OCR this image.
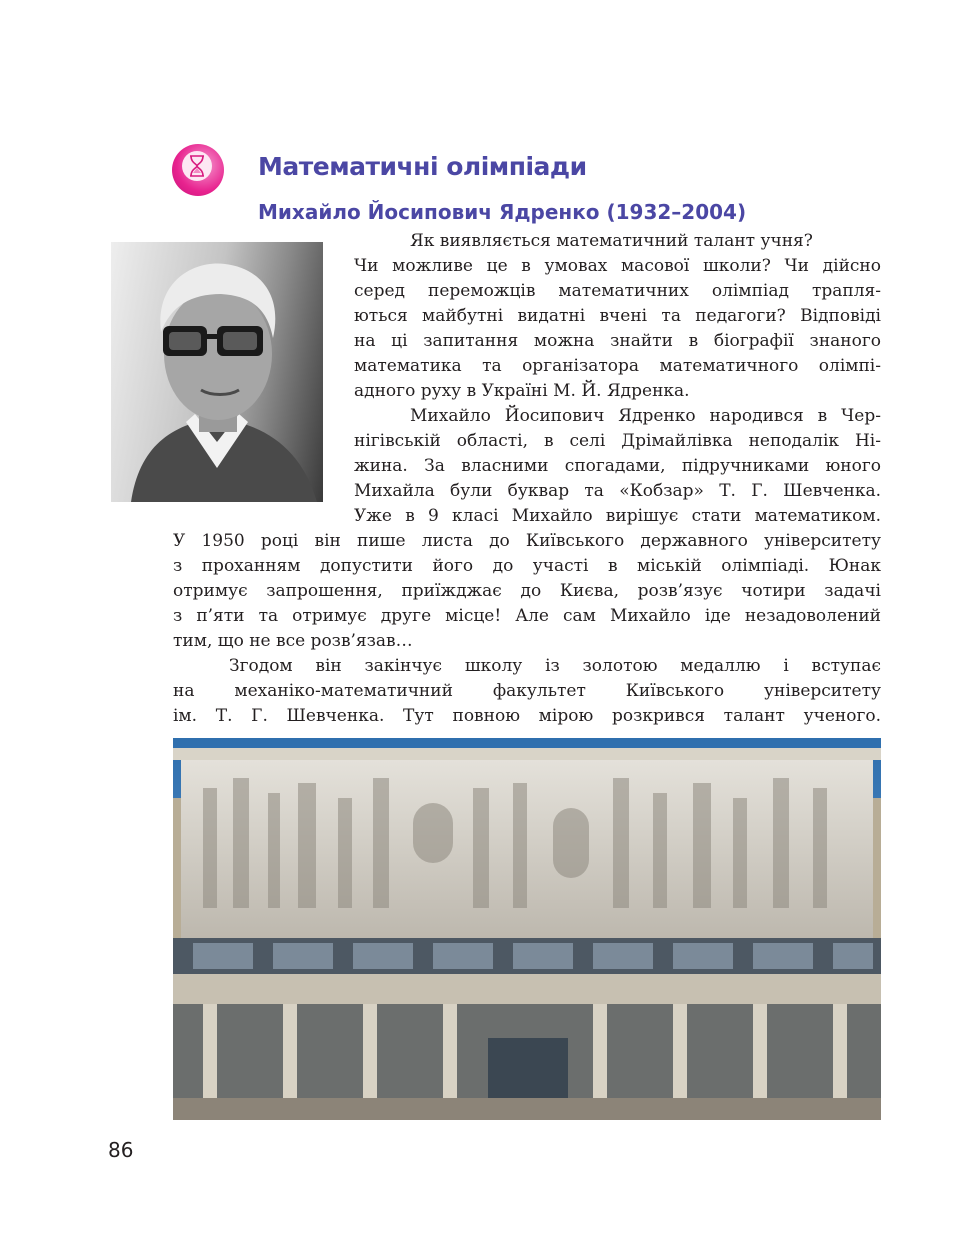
Математичні олімпіади
Михайло Йосипович Ядренко (1932–2004)

Як виявляється математичний талант учня?

Чи можливе це в умовах масової школи? Чи дійсно

серед переможців математичних олімпіад трапля-

ються майбутні видатні вчені та педагоги? Відповіді

на ці запитання можна знайти в біографії знаного

математика та організатора математичного олімпі-

адного руху в Україні М. Й. Ядренка.

Михайло Йосипович Ядренко народився в Чер-

нігівській області, в селі Дрімайлівка неподалік Ні-

жина. За власними спогадами, підручниками юного

Михайла були буквар та «Кобзар» Т. Г. Шевченка.

Уже в 9 класі Михайло вирішує стати математиком.

У 1950 році він пише листа до Київського державного університету

з проханням допустити його до участі в міській олімпіаді. Юнак

отримує запрошення, приїжджає до Києва, розв’язує чотири задачі

з п’яти та отримує друге місце! Але сам Михайло іде незадоволений

тим, що не все розв’язав…

Згодом він закінчує школу із золотою медаллю і вступає

на механіко-математичний факультет Київського університету

ім. Т. Г. Шевченка. Тут повною мірою розкрився талант ученого.

86
